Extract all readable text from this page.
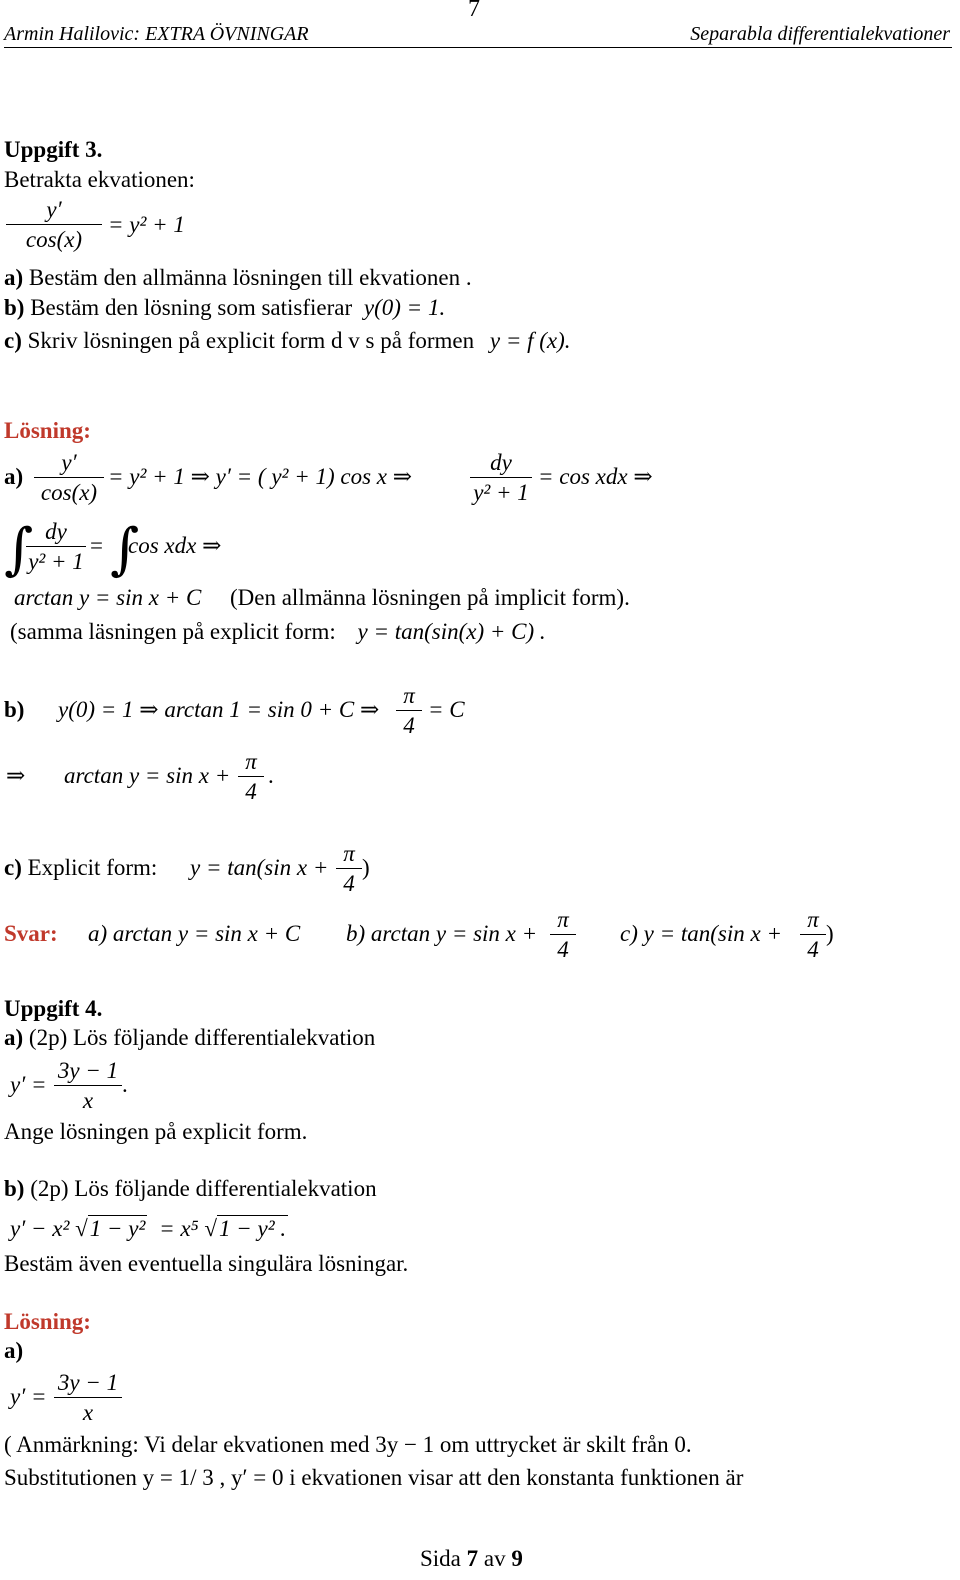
7
Armin Halilovic: EXTRA ÖVNINGAR	Separabla differentialekvationer
Uppgift 3.
Betrakta ekvationen:
$\frac{y'}{\cos(x)} = y^2 + 1$
a) Bestäm den allmänna lösningen till ekvationen .
b) Bestäm den lösning som satisfierar y(0) = 1.
c) Skriv lösningen på explicit form d v s på formen y = f (x).
Lösning:
$a) \frac{y'}{\cos(x)} = y^2 + 1$ ⇒ y′ = ( y² + 1) cos x ⇒	$\frac{dy}{\text{y² + 1}} = \cos$ xdx ⇒
∫
$\frac{dy}{\text{y² + 1}}$ = ∫
cos xdx ⇒
arctan y = sin x + C (Den allmänna lösningen på implicit form).
(samma läsningen på explicit form: y = tan(sin(x) + C) .
b) y(0) = 1 ⇒ arctan 1 = sin 0 + C ⇒ $\frac{\pi}{4} = C$
⇒ $\arctan y = \sin x + \frac{\pi}{4}$ .
c) Explicit form: y = tan(sin $x + \frac{\pi}{4}$ )
Svar: a) arctan y = sin x + C b) $\arctan y = \sin x + \frac{\pi}{4} c$) y = tan(sin $x + \frac{\pi}{4}$ )
Uppgift 4.
a) (2p) Lös följande differentialekvation
$y' = \frac{3y - 1}{x}$ .
Ange lösningen på explicit form.
b) (2p) Lös följande differentialekvation
y′ − x² √1 − y² = x⁵ √1 − y² .
Bestäm även eventuella singulära lösningar.
Lösning:
a)
$y' = \frac{3y - 1}{x}$
( Anmärkning: Vi delar ekvationen med 3y − 1 om uttrycket är skilt från 0.
Substitutionen y = 1/ 3 , y′ = 0 i ekvationen visar att den konstanta funktionen är
Sida 7 av 9
